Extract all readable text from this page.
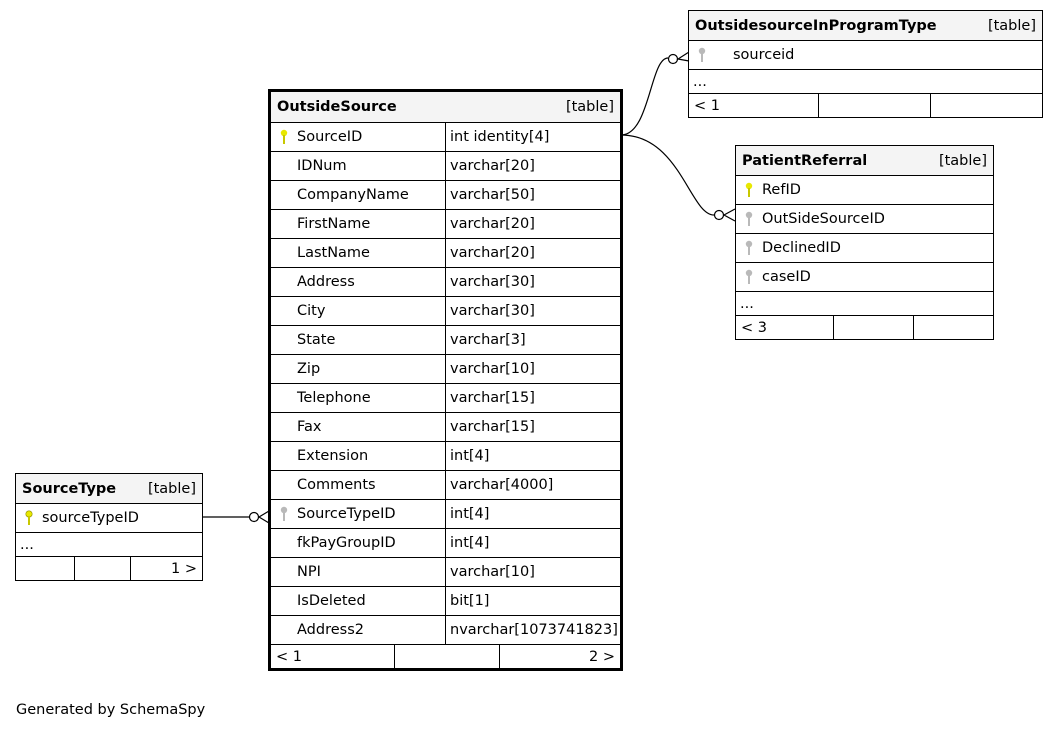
OutsideSource	[table]
SourceID	int identity[4]
IDNum	varchar[20]
CompanyName	varchar[50]
FirstName	varchar[20]
LastName	varchar[20]
Address	varchar[30]
City	varchar[30]
State	varchar[3]
Zip	varchar[10]
Telephone	varchar[15]
Fax	varchar[15]
Extension	int[4]
Comments	varchar[4000]
SourceTypeID	int[4]
fkPayGroupID	int[4]
NPI	varchar[10]
IsDeleted	bit[1]
Address2	nvarchar[1073741823]
< 1	2 >
OutsidesourceInProgramType	[table]
sourceid
...
< 1
PatientReferral	[table]
RefID
OutSideSourceID
DeclinedID
caseID
...
< 3
SourceType [table]
sourceTypeID
...
1 >
Generated by SchemaSpy
